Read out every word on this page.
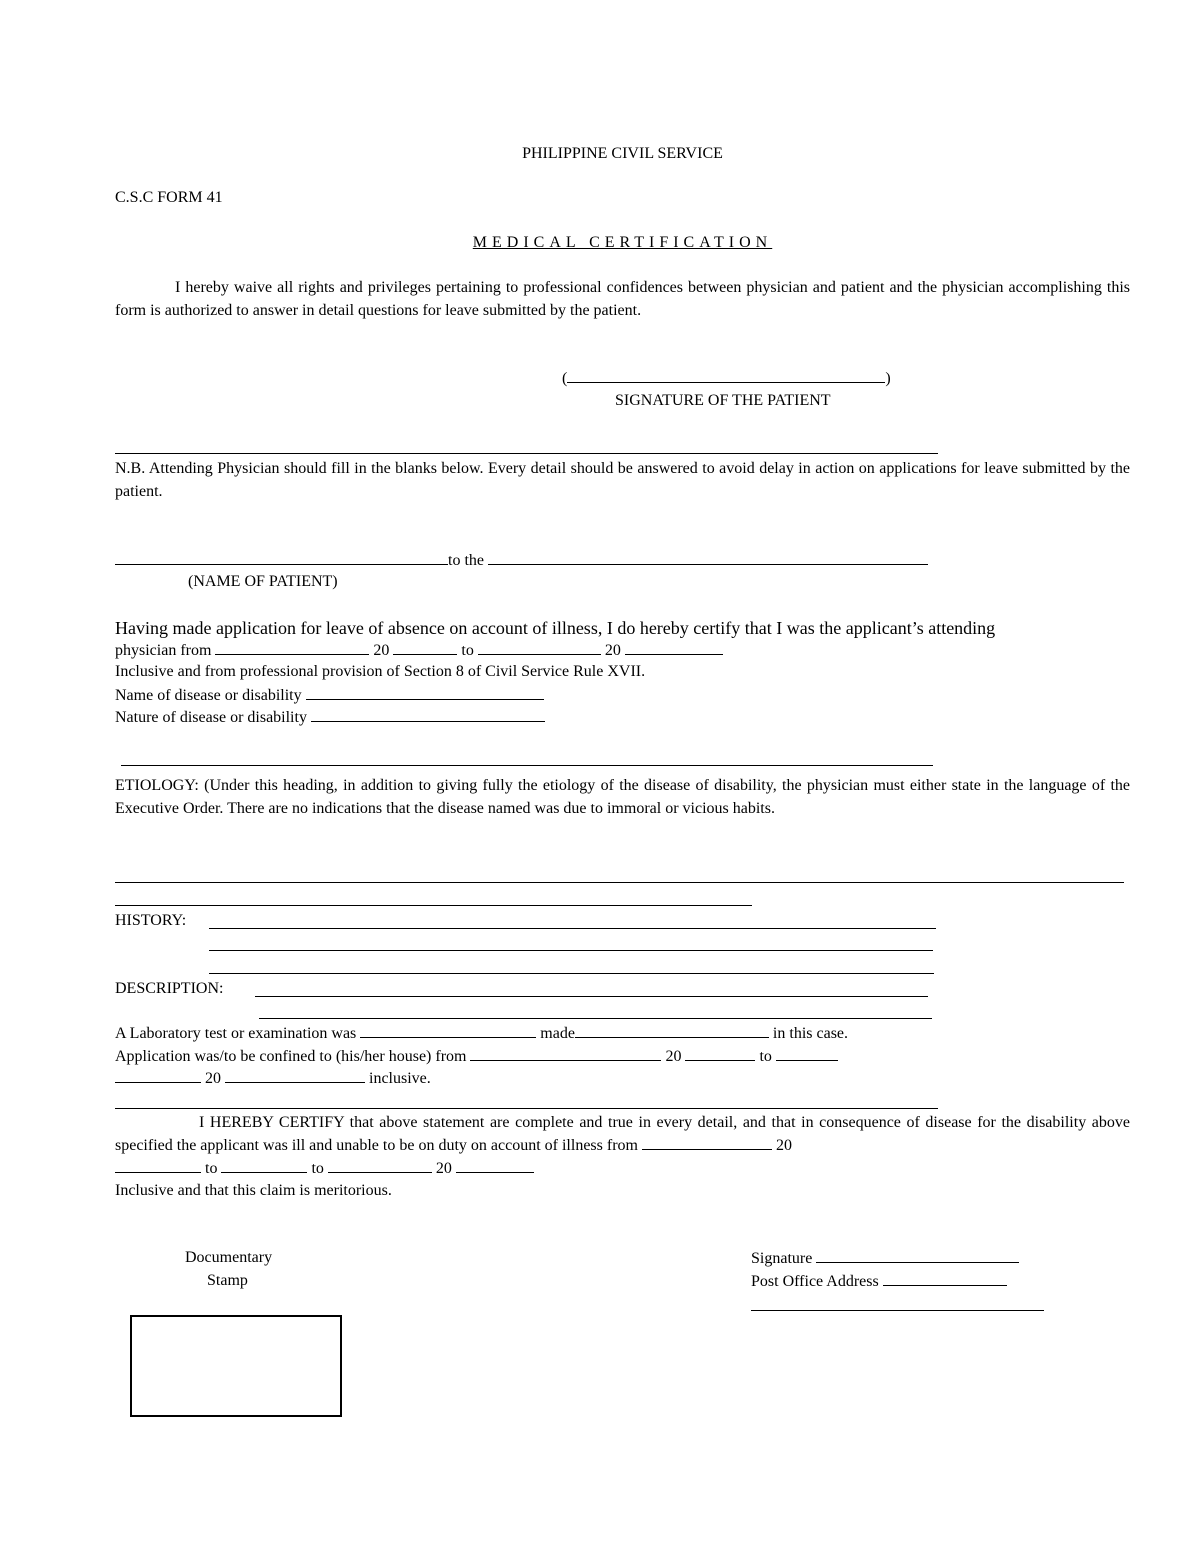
PHILIPPINE CIVIL SERVICE
C.S.C FORM 41
MEDICAL CERTIFICATION
I hereby waive all rights and privileges pertaining to professional confidences between physician and patient and the physician accomplishing this form is authorized to answer in detail questions for leave submitted by the patient.
(	)
SIGNATURE OF THE PATIENT
N.B. Attending Physician should fill in the blanks below. Every detail should be answered to avoid delay in action on applications for leave submitted by the patient.
to the
(NAME OF PATIENT)
Having made application for leave of absence on account of illness, I do hereby certify that I was the applicant’s attending
physician from	20	to	20
Inclusive and from professional provision of Section 8 of Civil Service Rule XVII.
Name of disease or disability
Nature of disease or disability
ETIOLOGY: (Under this heading, in addition to giving fully the etiology of the disease of disability, the physician must either state in the language of the Executive Order. There are no indications that the disease named was due to immoral or vicious habits.
HISTORY:
DESCRIPTION:
A Laboratory test or examination was	made	in this case.
Application was/to be confined to (his/her house) from	20	to
20	inclusive.
I HEREBY CERTIFY that above statement are complete and true in every detail, and that in consequence of disease for the disability above specified the applicant was ill and unable to be on duty on account of illness from	20
to	to	20
Inclusive and that this claim is meritorious.
Documentary
Stamp
Signature
Post Office Address
